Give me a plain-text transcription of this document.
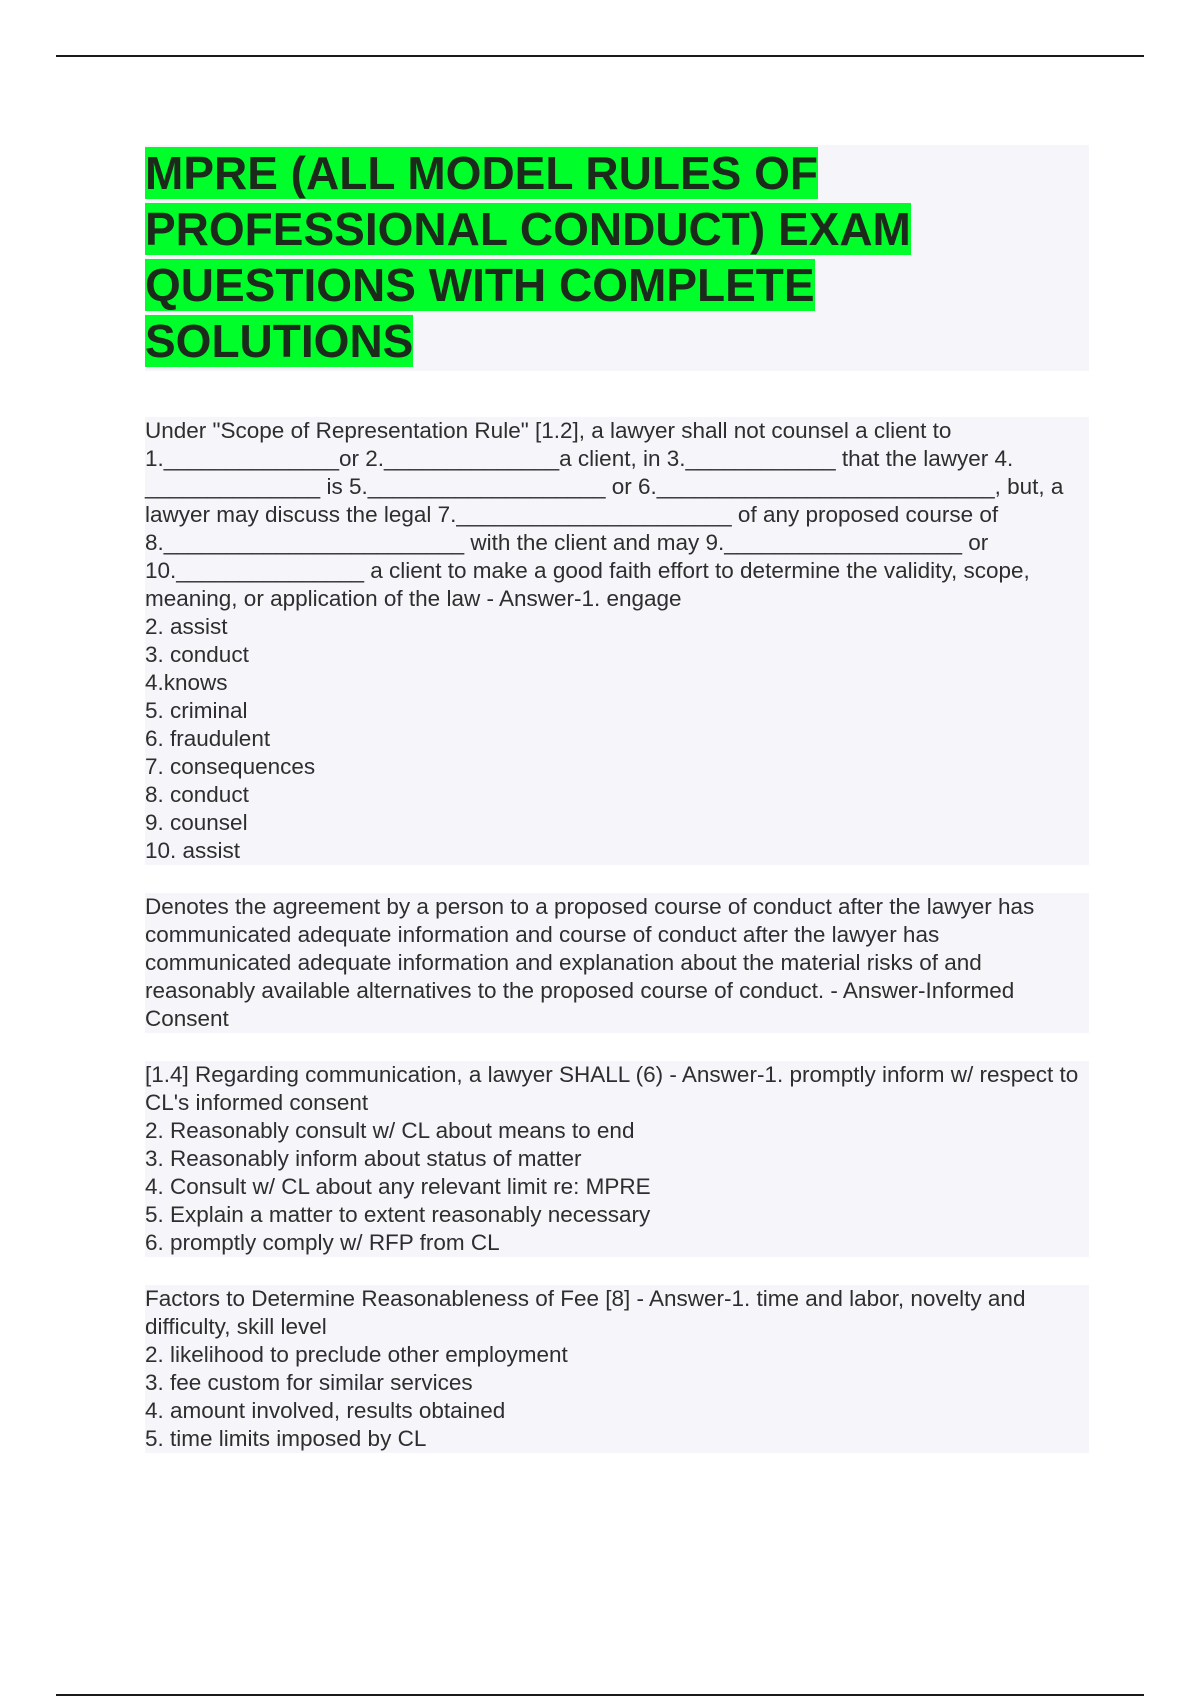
MPRE (ALL MODEL RULES OF PROFESSIONAL CONDUCT) EXAM QUESTIONS WITH COMPLETE SOLUTIONS

Under "Scope of Representation Rule" [1.2], a lawyer shall not counsel a client to 1.______________or 2.______________a client, in 3.____________ that the lawyer 4. ______________ is 5.___________________ or 6.___________________________, but, a lawyer may discuss the legal 7.______________________ of any proposed course of 8.________________________ with the client and may 9.___________________ or 10._______________ a client to make a good faith effort to determine the validity, scope, meaning, or application of the law - Answer-1. engage

2. assist
3. conduct
4.knows
5. criminal
6. fraudulent
7. consequences
8. conduct
9. counsel
10. assist

Denotes the agreement by a person to a proposed course of conduct after the lawyer has communicated adequate information and course of conduct after the lawyer has communicated adequate information and explanation about the material risks of and reasonably available alternatives to the proposed course of conduct. - Answer-Informed Consent

[1.4] Regarding communication, a lawyer SHALL (6) - Answer-1. promptly inform w/ respect to CL's informed consent

2. Reasonably consult w/ CL about means to end
3. Reasonably inform about status of matter
4. Consult w/ CL about any relevant limit re: MPRE
5. Explain a matter to extent reasonably necessary
6. promptly comply w/ RFP from CL

Factors to Determine Reasonableness of Fee [8] - Answer-1. time and labor, novelty and difficulty, skill level

2. likelihood to preclude other employment
3. fee custom for similar services
4. amount involved, results obtained
5. time limits imposed by CL
